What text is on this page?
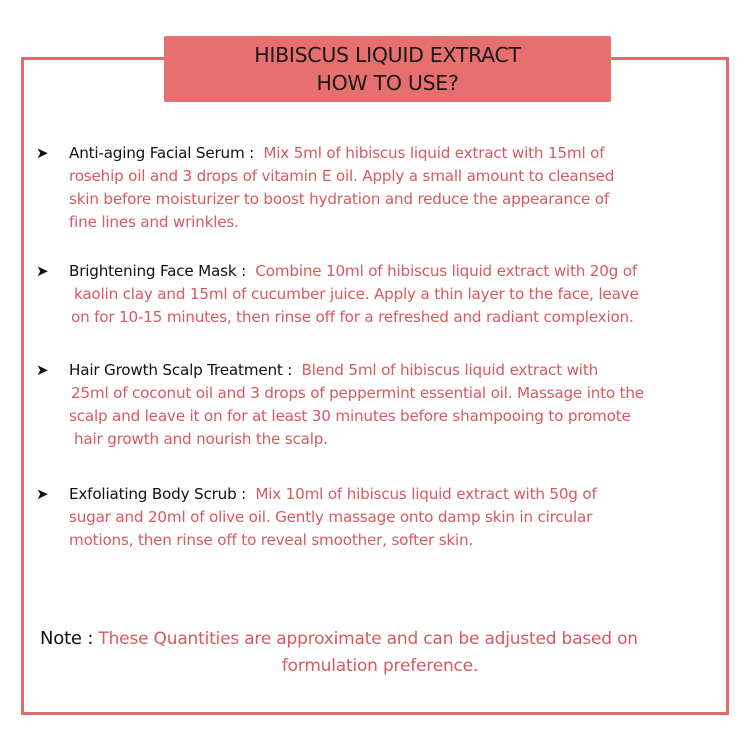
HIBISCUS LIQUID EXTRACT
HOW TO USE?
➤ Anti-aging Facial Serum : Mix 5ml of hibiscus liquid extract with 15ml of
rosehip oil and 3 drops of vitamin E oil. Apply a small amount to cleansed
skin before moisturizer to boost hydration and reduce the appearance of
fine lines and wrinkles.
➤ Brightening Face Mask : Combine 10ml of hibiscus liquid extract with 20g of
kaolin clay and 15ml of cucumber juice. Apply a thin layer to the face, leave
on for 10-15 minutes, then rinse off for a refreshed and radiant complexion.
➤ Hair Growth Scalp Treatment : Blend 5ml of hibiscus liquid extract with
25ml of coconut oil and 3 drops of peppermint essential oil. Massage into the
scalp and leave it on for at least 30 minutes before shampooing to promote
hair growth and nourish the scalp.
➤ Exfoliating Body Scrub : Mix 10ml of hibiscus liquid extract with 50g of
sugar and 20ml of olive oil. Gently massage onto damp skin in circular
motions, then rinse off to reveal smoother, softer skin.
Note : These Quantities are approximate and can be adjusted based on
formulation preference.
